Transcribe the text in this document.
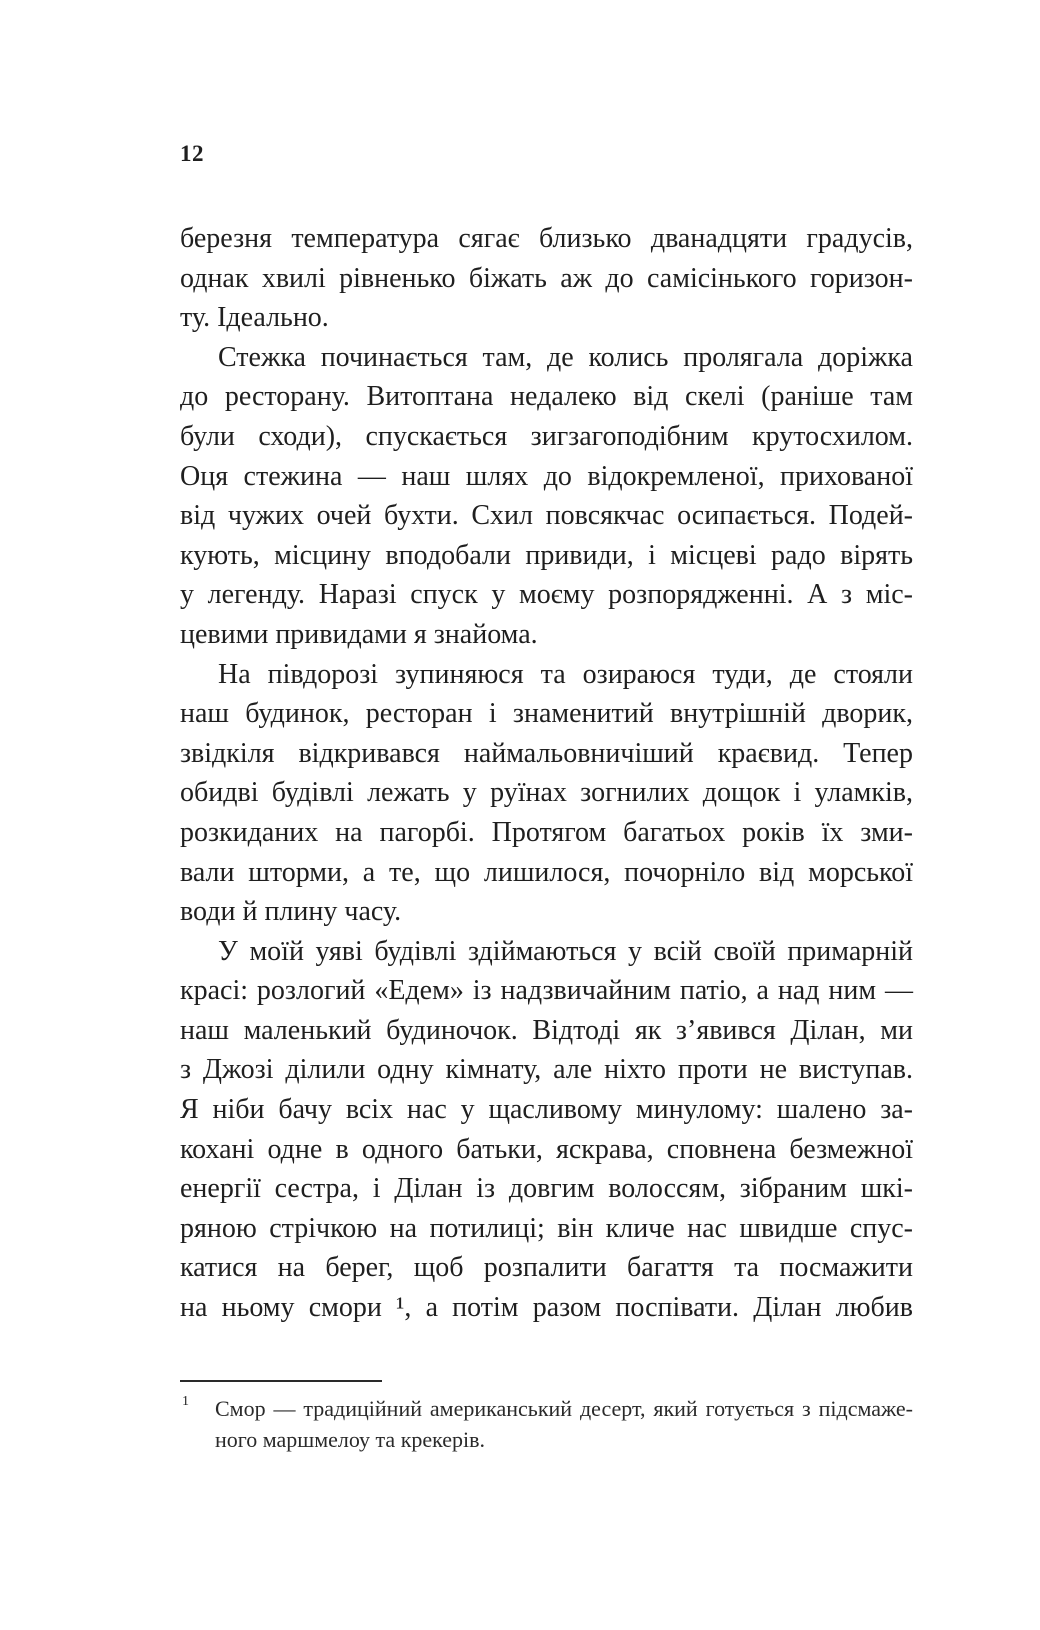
12
березня температура сягає близько дванадцяти градусів,
однак хвилі рівненько біжать аж до самісінького горизон-
ту. Ідеально.
Стежка починається там, де колись пролягала доріжка
до ресторану. Витоптана недалеко від скелі (раніше там
були сходи), спускається зигзагоподібним крутосхилом.
Оця стежина — наш шлях до відокремленої, прихованої
від чужих очей бухти. Схил повсякчас осипається. Подей-
кують, місцину вподобали привиди, і місцеві радо вірять
у легенду. Наразі спуск у моєму розпорядженні. А з міс-
цевими привидами я знайома.
На півдорозі зупиняюся та озираюся туди, де стояли
наш будинок, ресторан і знаменитий внутрішній дворик,
звідкіля відкривався наймальовничіший краєвид. Тепер
обидві будівлі лежать у руїнах зогнилих дощок і уламків,
розкиданих на пагорбі. Протягом багатьох років їх зми-
вали шторми, а те, що лишилося, почорніло від морської
води й плину часу.
У моїй уяві будівлі здіймаються у всій своїй примарній
красі: розлогий «Едем» із надзвичайним патіо, а над ним —
наш маленький будиночок. Відтоді як з’явився Ділан, ми
з Джозі ділили одну кімнату, але ніхто проти не виступав.
Я ніби бачу всіх нас у щасливому минулому: шалено за-
кохані одне в одного батьки, яскрава, сповнена безмежної
енергії сестра, і Ділан із довгим волоссям, зібраним шкі-
ряною стрічкою на потилиці; він кличе нас швидше спус-
катися на берег, щоб розпалити багаття та посмажити
на ньому смори ¹, а потім разом поспівати. Ділан любив
1 Смор — традиційний американський десерт, який готується з підсмаже-
ного маршмелоу та крекерів.
